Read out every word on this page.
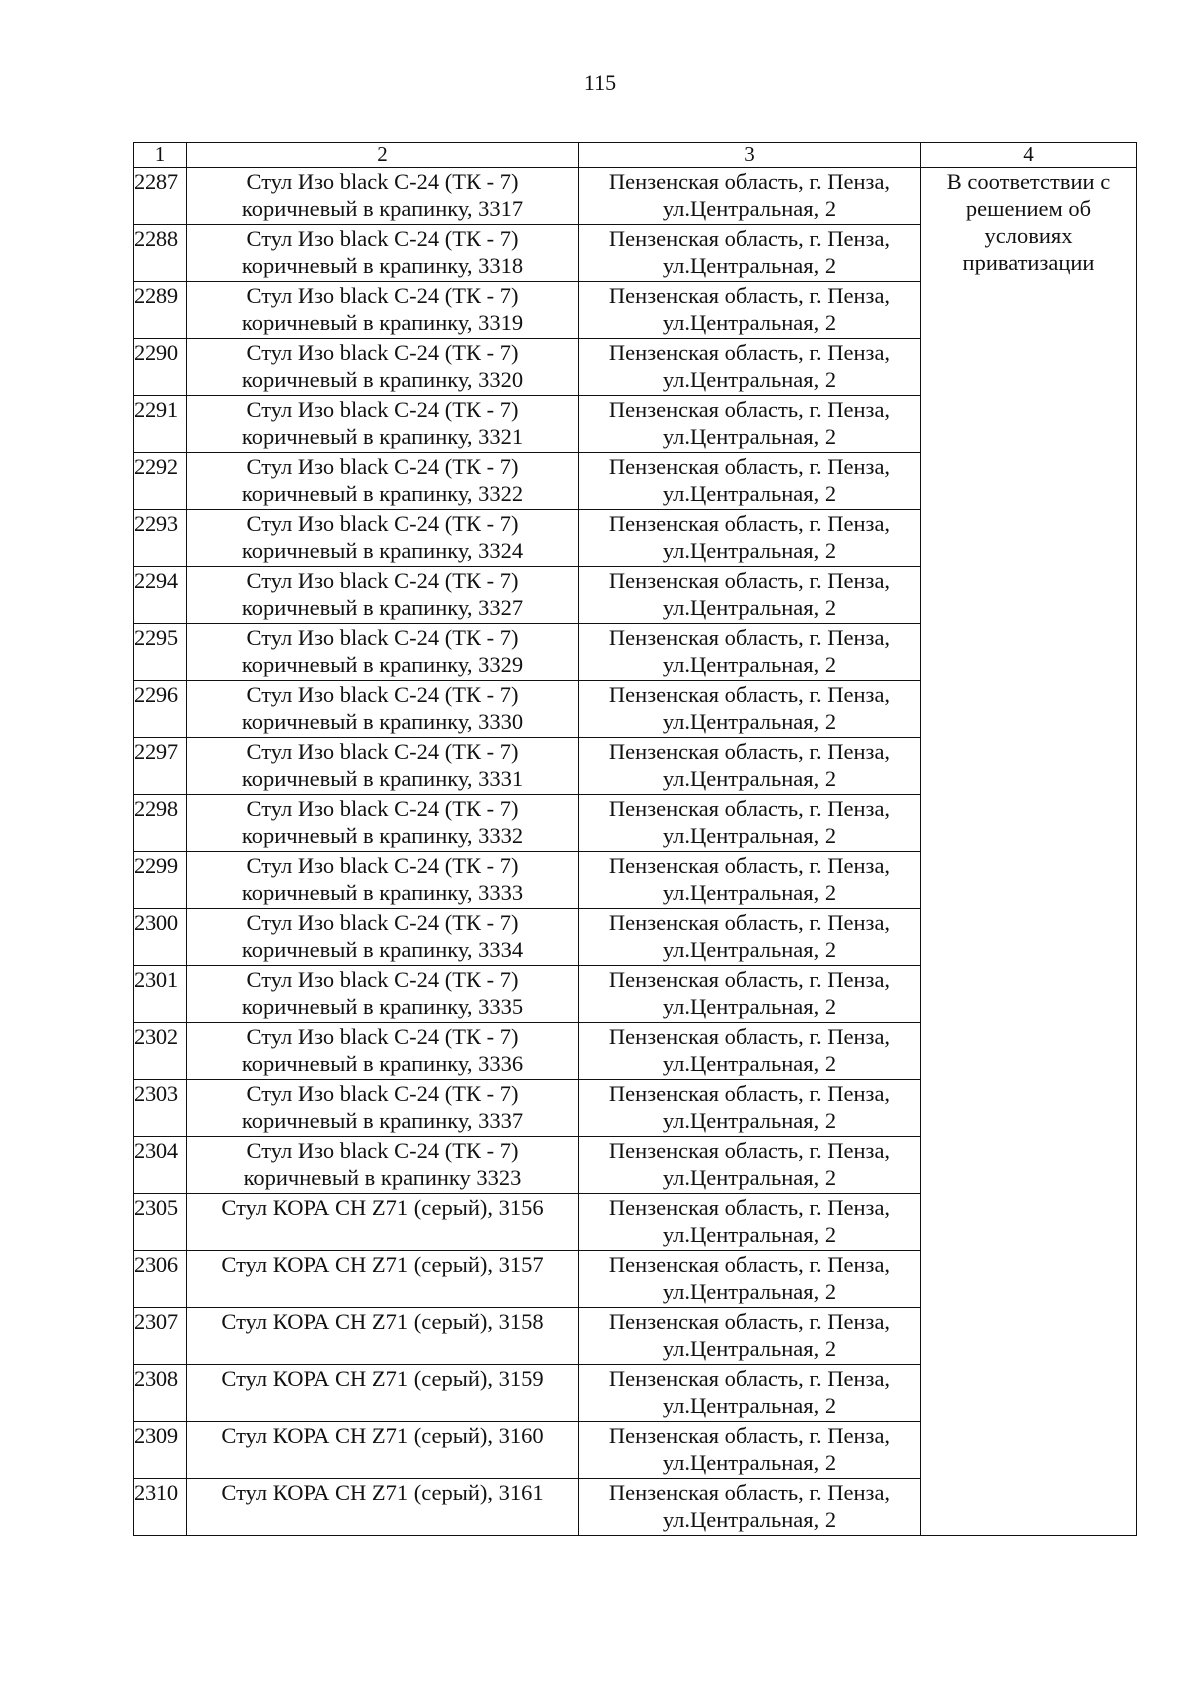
115
1	2	3	4
2287	Стул Изо black С-24 (ТК - 7)
коричневый в крапинку, 3317	Пензенская область, г. Пенза,
ул.Центральная, 2	В соответствии с
решением об
условиях
приватизации

2288	Стул Изо black С-24 (ТК - 7)
коричневый в крапинку, 3318	Пензенская область, г. Пенза,
ул.Центральная, 2	

2289	Стул Изо black С-24 (ТК - 7)
коричневый в крапинку, 3319	Пензенская область, г. Пенза,
ул.Центральная, 2	

2290	Стул Изо black С-24 (ТК - 7)
коричневый в крапинку, 3320	Пензенская область, г. Пенза,
ул.Центральная, 2	

2291	Стул Изо black С-24 (ТК - 7)
коричневый в крапинку, 3321	Пензенская область, г. Пенза,
ул.Центральная, 2	

2292	Стул Изо black С-24 (ТК - 7)
коричневый в крапинку, 3322	Пензенская область, г. Пенза,
ул.Центральная, 2	

2293	Стул Изо black С-24 (ТК - 7)
коричневый в крапинку, 3324	Пензенская область, г. Пенза,
ул.Центральная, 2	

2294	Стул Изо black С-24 (ТК - 7)
коричневый в крапинку, 3327	Пензенская область, г. Пенза,
ул.Центральная, 2	

2295	Стул Изо black С-24 (ТК - 7)
коричневый в крапинку, 3329	Пензенская область, г. Пенза,
ул.Центральная, 2	

2296	Стул Изо black С-24 (ТК - 7)
коричневый в крапинку, 3330	Пензенская область, г. Пенза,
ул.Центральная, 2	

2297	Стул Изо black С-24 (ТК - 7)
коричневый в крапинку, 3331	Пензенская область, г. Пенза,
ул.Центральная, 2	

2298	Стул Изо black С-24 (ТК - 7)
коричневый в крапинку, 3332	Пензенская область, г. Пенза,
ул.Центральная, 2	

2299	Стул Изо black С-24 (ТК - 7)
коричневый в крапинку, 3333	Пензенская область, г. Пенза,
ул.Центральная, 2	

2300	Стул Изо black С-24 (ТК - 7)
коричневый в крапинку, 3334	Пензенская область, г. Пенза,
ул.Центральная, 2	

2301	Стул Изо black С-24 (ТК - 7)
коричневый в крапинку, 3335	Пензенская область, г. Пенза,
ул.Центральная, 2	

2302	Стул Изо black С-24 (ТК - 7)
коричневый в крапинку, 3336	Пензенская область, г. Пенза,
ул.Центральная, 2	

2303	Стул Изо black С-24 (ТК - 7)
коричневый в крапинку, 3337	Пензенская область, г. Пенза,
ул.Центральная, 2	

2304	Стул Изо black С-24 (ТК - 7)
коричневый в крапинку 3323	Пензенская область, г. Пенза,
ул.Центральная, 2	

2305	Стул КОРА CH Z71 (серый), 3156	Пензенская область, г. Пенза,
ул.Центральная, 2	

2306	Стул КОРА CH Z71 (серый), 3157	Пензенская область, г. Пенза,
ул.Центральная, 2	

2307	Стул КОРА CH Z71 (серый), 3158	Пензенская область, г. Пенза,
ул.Центральная, 2	

2308	Стул КОРА CH Z71 (серый), 3159	Пензенская область, г. Пенза,
ул.Центральная, 2	

2309	Стул КОРА CH Z71 (серый), 3160	Пензенская область, г. Пенза,
ул.Центральная, 2	

2310	Стул КОРА CH Z71 (серый), 3161	Пензенская область, г. Пенза,
ул.Центральная, 2	
